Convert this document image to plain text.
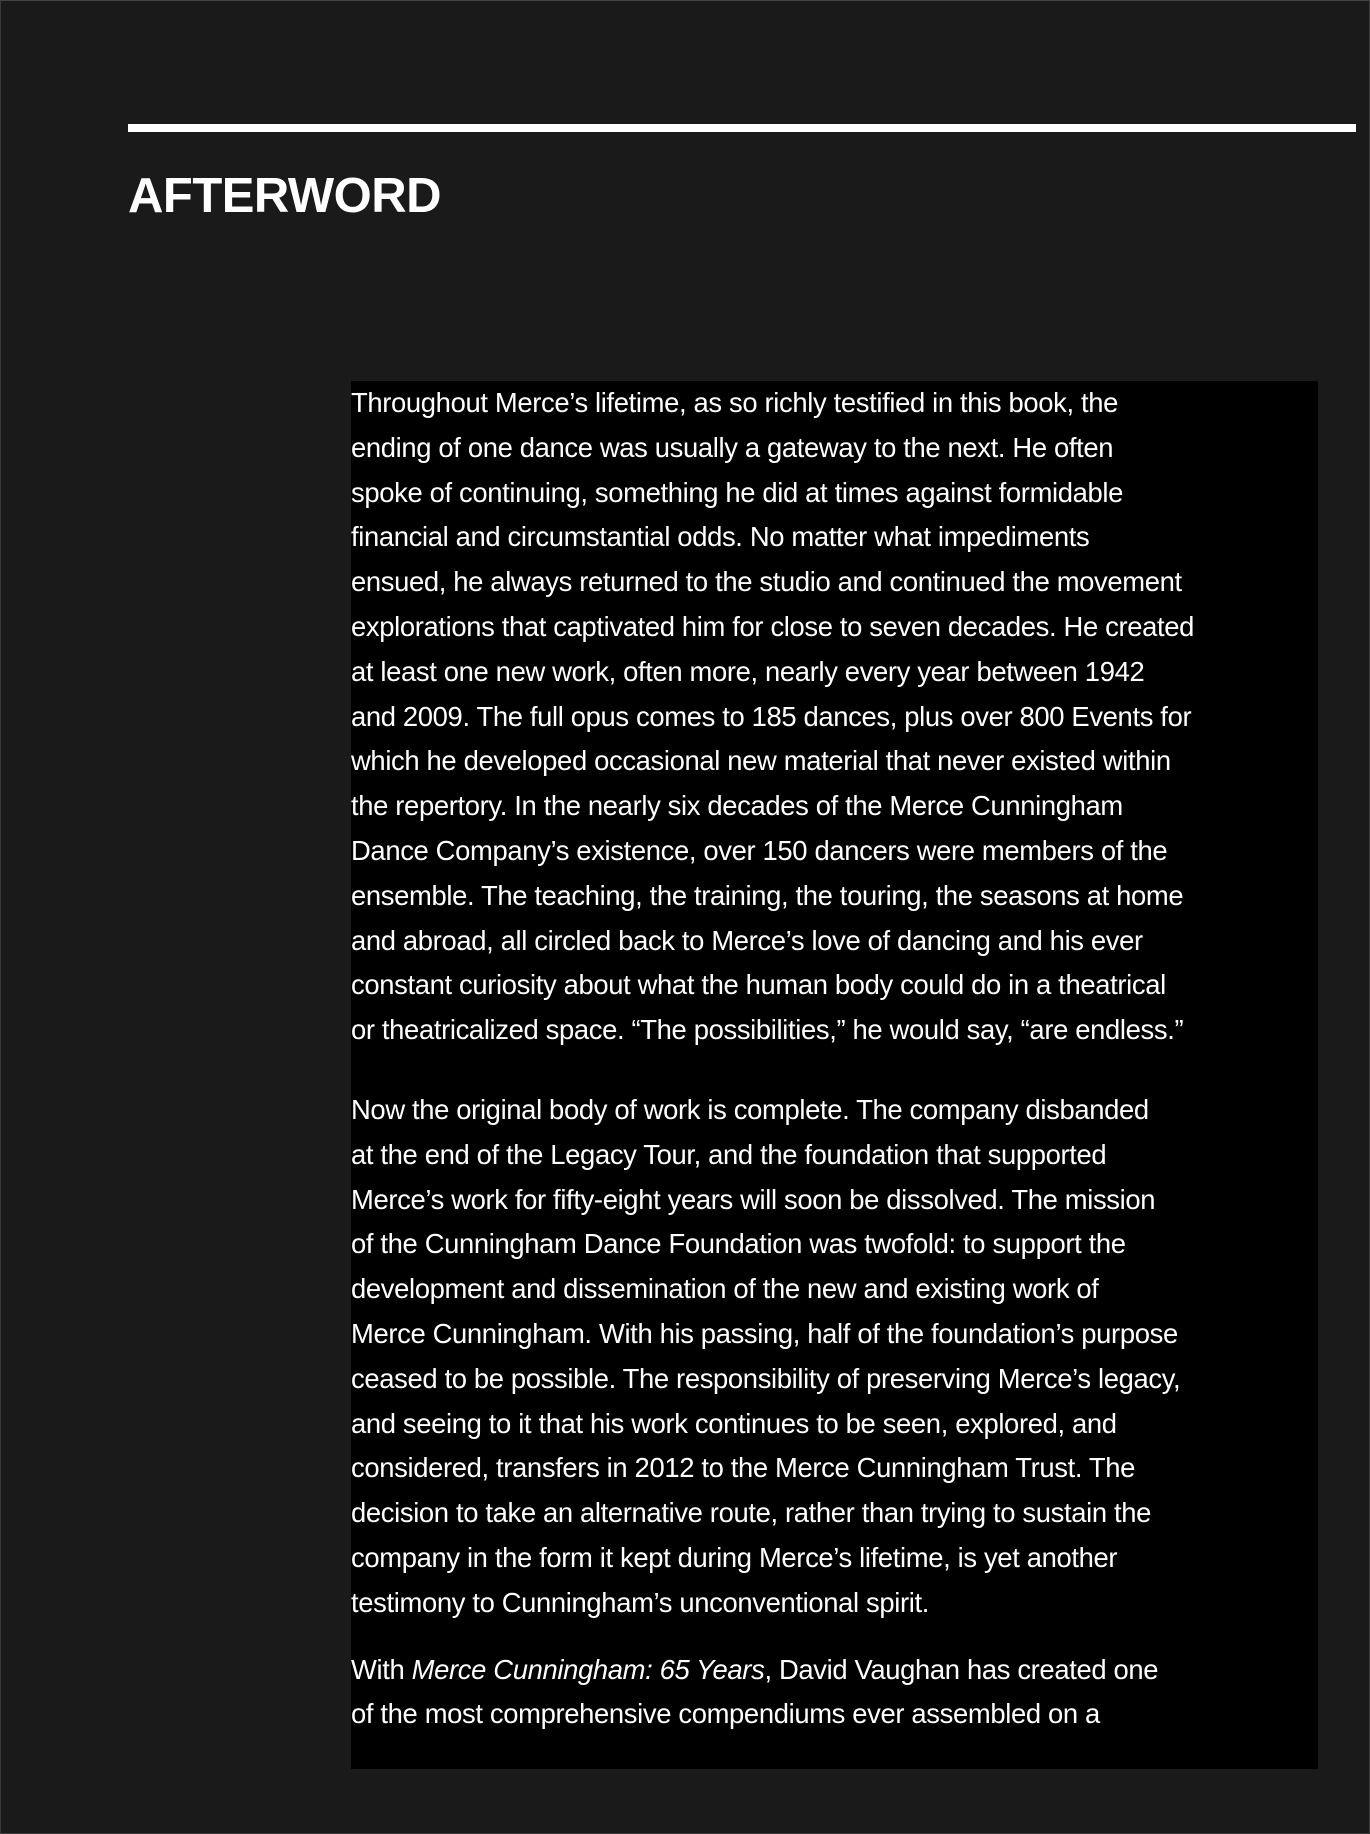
AFTERWORD

Throughout Merce’s lifetime, as so richly testified in this book, the
ending of one dance was usually a gateway to the next. He often
spoke of continuing, something he did at times against formidable
financial and circumstantial odds. No matter what impediments
ensued, he always returned to the studio and continued the movement
explorations that captivated him for close to seven decades. He created
at least one new work, often more, nearly every year between 1942
and 2009. The full opus comes to 185 dances, plus over 800 Events for
which he developed occasional new material that never existed within
the repertory. In the nearly six decades of the Merce Cunningham
Dance Company’s existence, over 150 dancers were members of the
ensemble. The teaching, the training, the touring, the seasons at home
and abroad, all circled back to Merce’s love of dancing and his ever
constant curiosity about what the human body could do in a theatrical
or theatricalized space. “The possibilities,” he would say, “are endless.”

Now the original body of work is complete. The company disbanded
at the end of the Legacy Tour, and the foundation that supported
Merce’s work for fifty-eight years will soon be dissolved. The mission
of the Cunningham Dance Foundation was twofold: to support the
development and dissemination of the new and existing work of
Merce Cunningham. With his passing, half of the foundation’s purpose
ceased to be possible. The responsibility of preserving Merce’s legacy,
and seeing to it that his work continues to be seen, explored, and
considered, transfers in 2012 to the Merce Cunningham Trust. The
decision to take an alternative route, rather than trying to sustain the
company in the form it kept during Merce’s lifetime, is yet another
testimony to Cunningham’s unconventional spirit.

With Merce Cunningham: 65 Years, David Vaughan has created one
of the most comprehensive compendiums ever assembled on a
